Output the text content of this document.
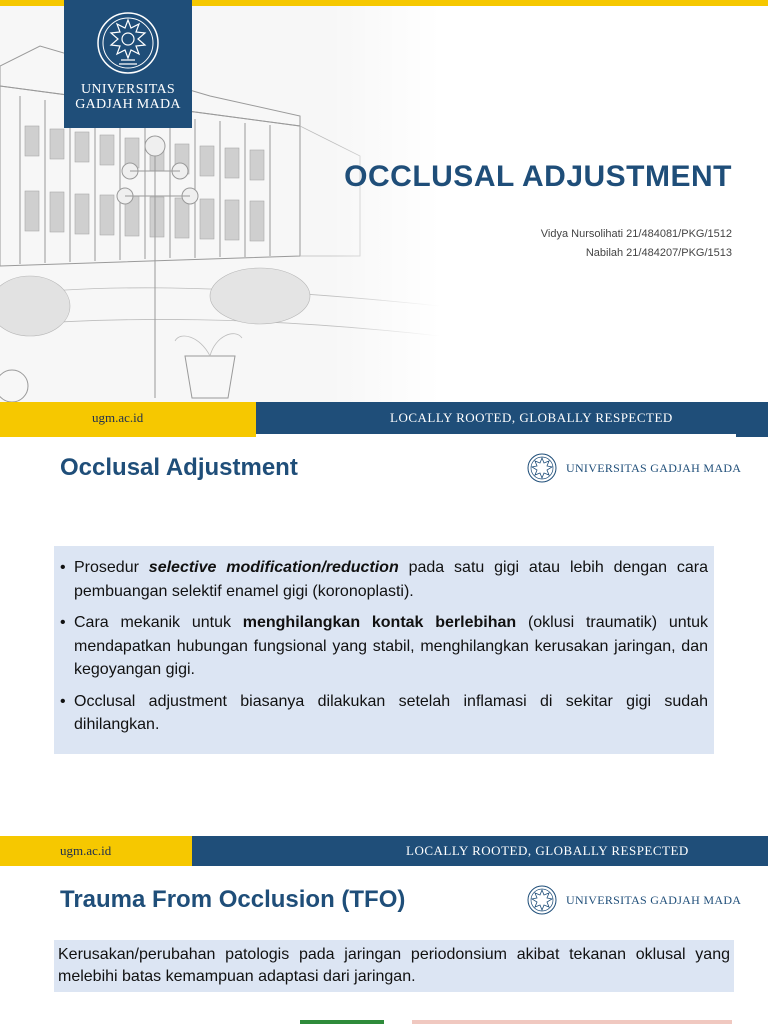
UNIVERSITAS
GADJAH MADA
OCCLUSAL ADJUSTMENT
Vidya Nursolihati 21/484081/PKG/1512
Nabilah 21/484207/PKG/1513
ugm.ac.id	LOCALLY ROOTED, GLOBALLY RESPECTED
Occlusal Adjustment	UNIVERSITAS GADJAH MADA
• Prosedur selective modification/reduction pada satu gigi atau lebih dengan cara pembuangan selektif enamel gigi (koronoplasti).
• Cara mekanik untuk menghilangkan kontak berlebihan (oklusi traumatik) untuk mendapatkan hubungan fungsional yang stabil, menghilangkan kerusakan jaringan, dan kegoyangan gigi.
• Occlusal adjustment biasanya dilakukan setelah inflamasi di sekitar gigi sudah dihilangkan.
ugm.ac.id	LOCALLY ROOTED, GLOBALLY RESPECTED
Trauma From Occlusion (TFO)	UNIVERSITAS GADJAH MADA
Kerusakan/perubahan patologis pada jaringan periodonsium akibat tekanan oklusal yang melebihi batas kemampuan adaptasi dari jaringan.
